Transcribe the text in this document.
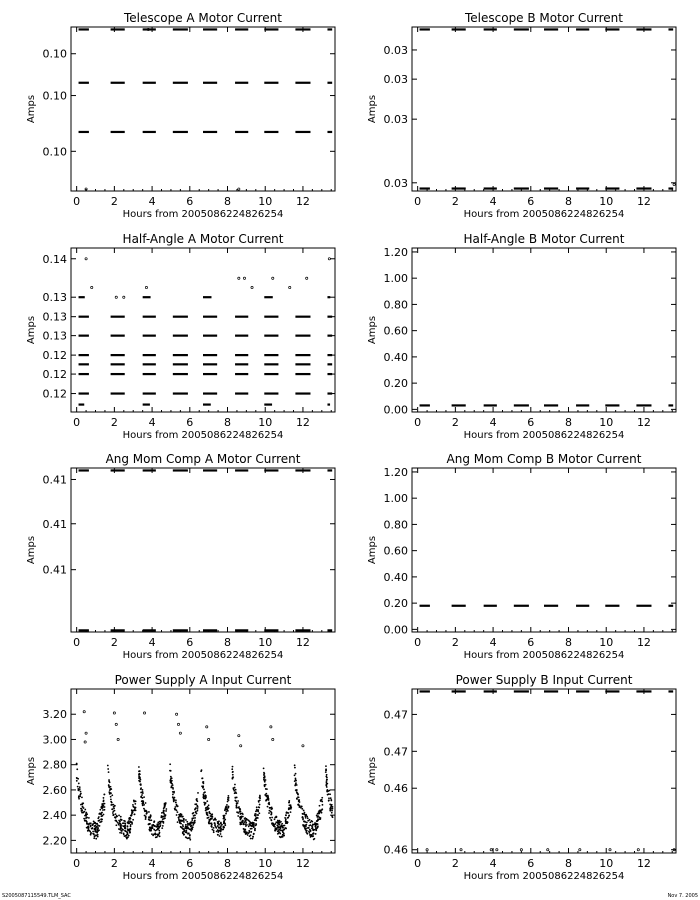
Telescope A Motor Current
0	2	4	6	8 10 12
0.10
0.10
0.10
Hours from 2005086224826254
Amps
Telescope B Motor Current
0	2	4	6	8 10 12
0.03
0.03
0.03
0.03
Hours from 2005086224826254
Amps
Half-Angle A Motor Current
0	2	4	6	8 10 12
0.12
0.12
0.12
0.13
0.13
0.13
0.14
Hours from 2005086224826254
Amps
Half-Angle B Motor Current
0	2	4	6	8 10 12
0.00
0.20
0.40
0.60
0.80
1.00
1.20
Hours from 2005086224826254
Amps
Ang Mom Comp A Motor Current
0	2	4	6	8 10 12
0.41
0.41
0.41
Hours from 2005086224826254
Amps
Ang Mom Comp B Motor Current
0	2	4	6	8 10 12
0.00
0.20
0.40
0.60
0.80
1.00
1.20
Hours from 2005086224826254
Amps
Power Supply A Input Current
0	2	4	6	8 10 12
2.20
2.40
2.60
2.80
3.00
3.20
Hours from 2005086224826254
Amps
Power Supply B Input Current
0	2	4	6	8 10 12
0.46
0.46
0.47
0.47
Hours from 2005086224826254
Amps
S2005087115549.TLM_SAC	Nov 7. 2005
